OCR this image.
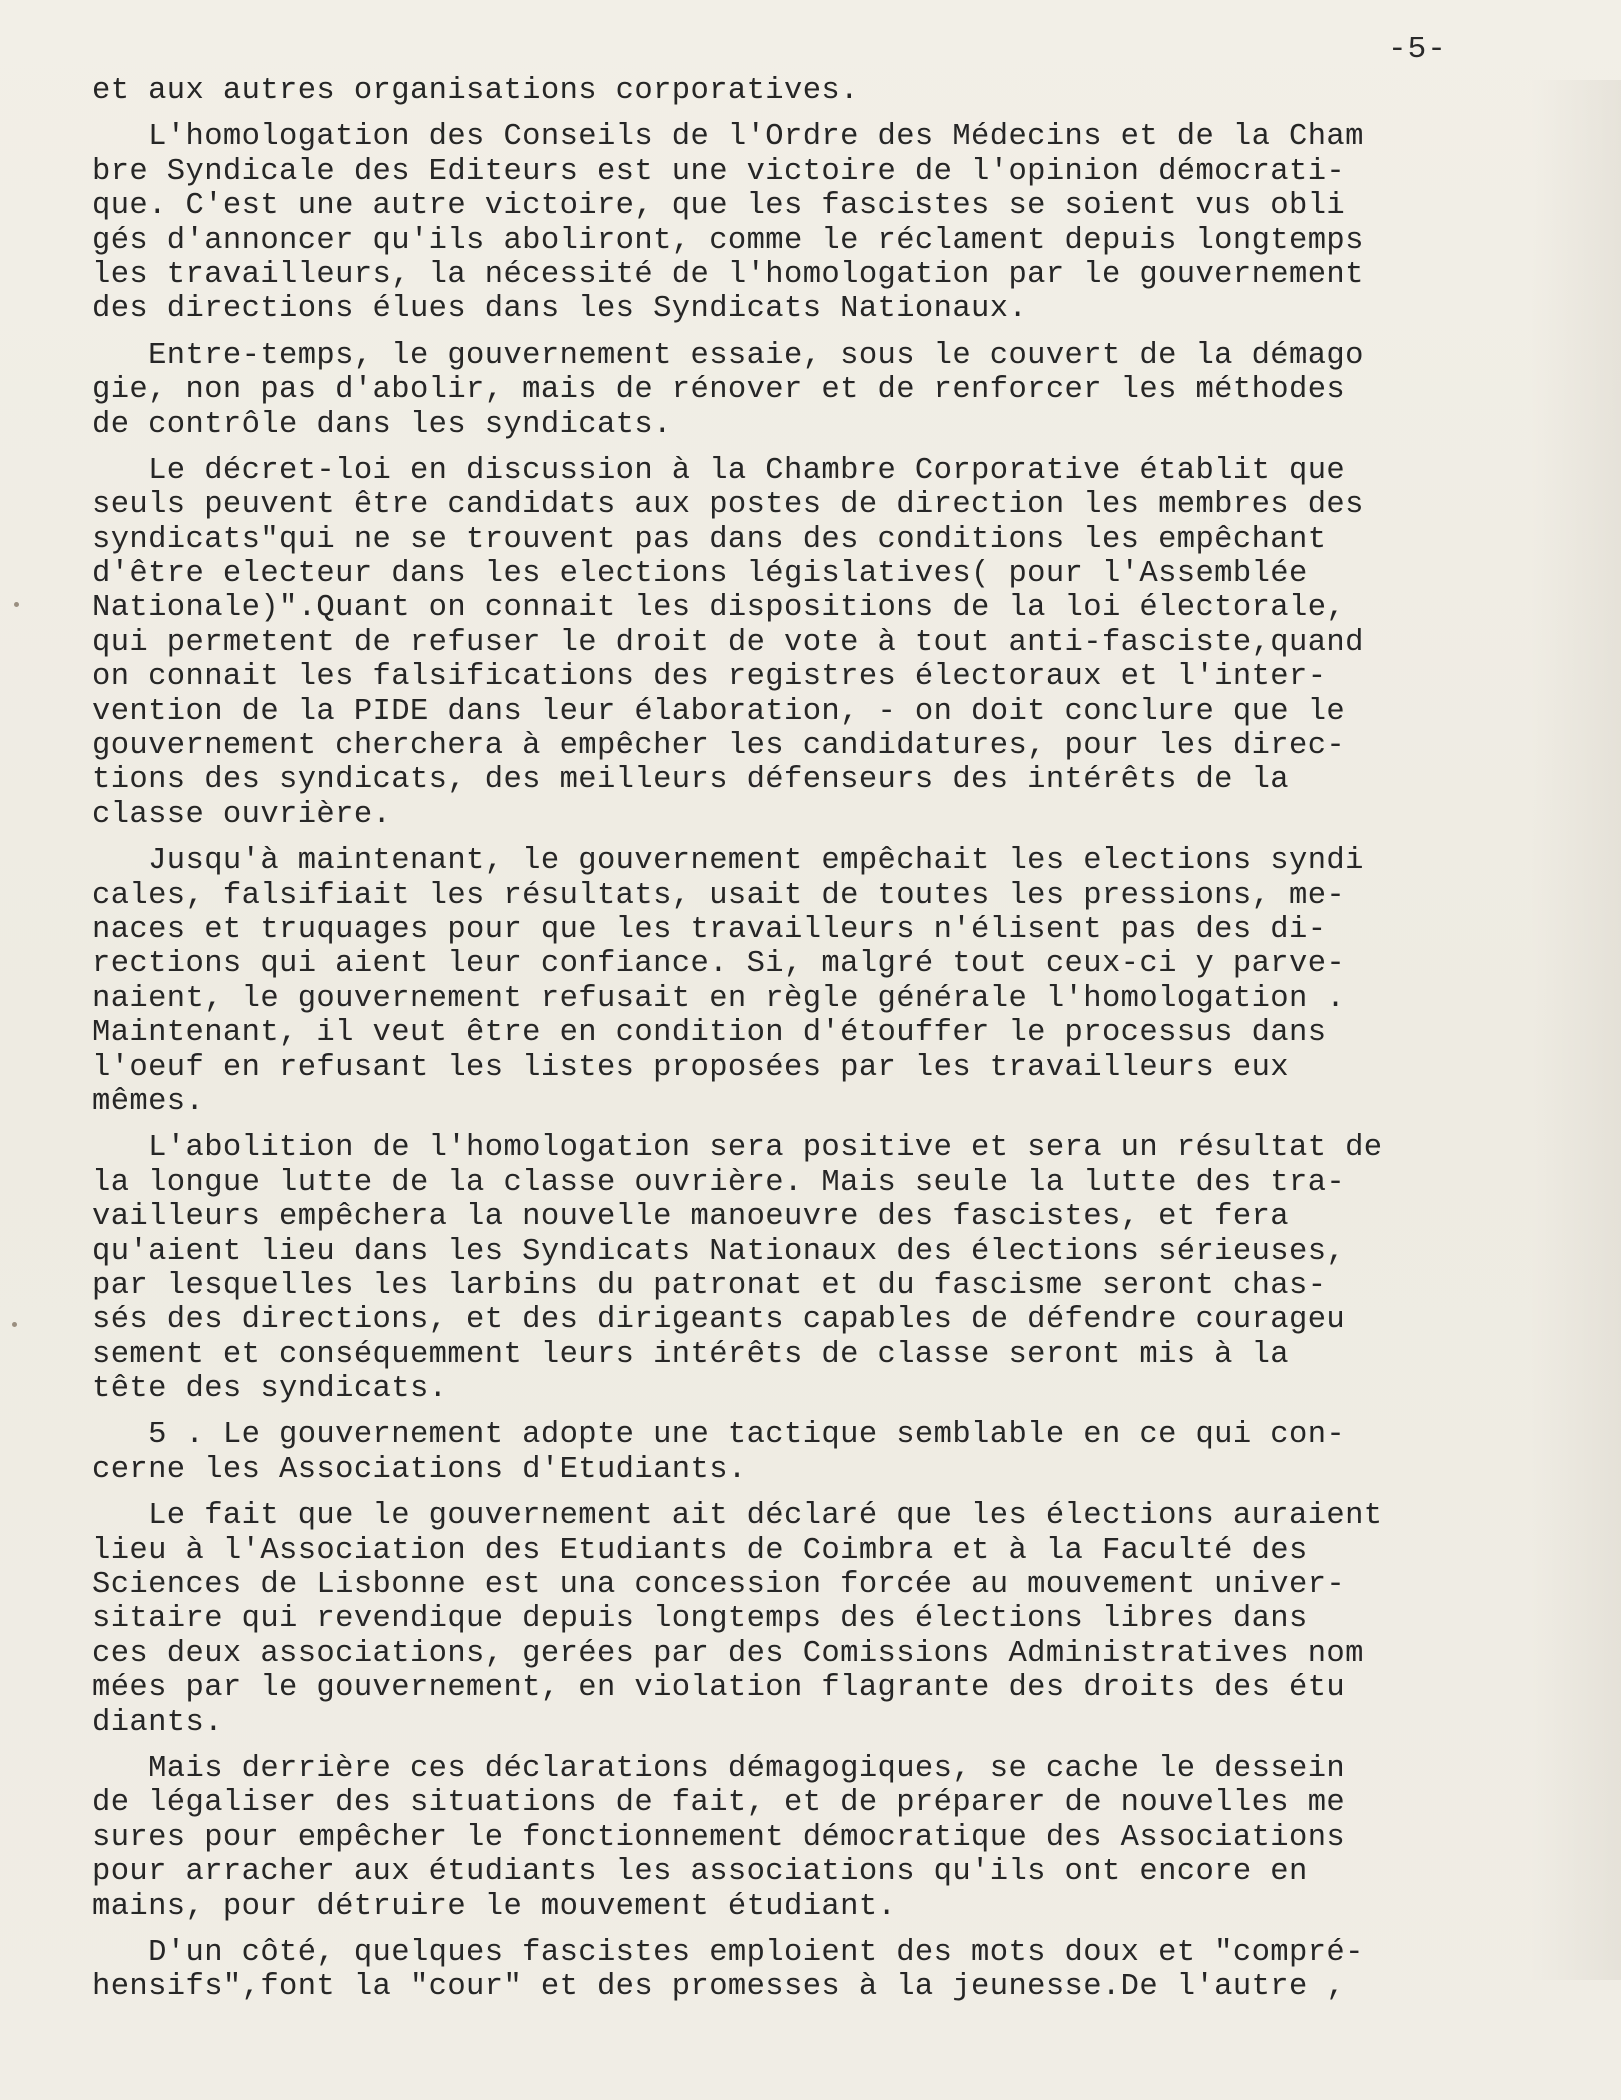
-5-
et aux autres organisations corporatives.
L'homologation des Conseils de l'Ordre des Médecins et de la Cham
bre Syndicale des Editeurs est une victoire de l'opinion démocrati-
que. C'est une autre victoire, que les fascistes se soient vus obli
gés d'annoncer qu'ils aboliront, comme le réclament depuis longtemps
les travailleurs, la nécessité de l'homologation par le gouvernement
des directions élues dans les Syndicats Nationaux.
Entre-temps, le gouvernement essaie, sous le couvert de la démago
gie, non pas d'abolir, mais de rénover et de renforcer les méthodes
de contrôle dans les syndicats.
Le décret-loi en discussion à la Chambre Corporative établit que
seuls peuvent être candidats aux postes de direction les membres des
syndicats"qui ne se trouvent pas dans des conditions les empêchant
d'être electeur dans les elections législatives( pour l'Assemblée
Nationale)".Quant on connait les dispositions de la loi électorale,
qui permetent de refuser le droit de vote à tout anti-fasciste,quand
on connait les falsifications des registres électoraux et l'inter-
vention de la PIDE dans leur élaboration, - on doit conclure que le
gouvernement cherchera à empêcher les candidatures, pour les direc-
tions des syndicats, des meilleurs défenseurs des intérêts de la
classe ouvrière.
Jusqu'à maintenant, le gouvernement empêchait les elections syndi
cales, falsifiait les résultats, usait de toutes les pressions, me-
naces et truquages pour que les travailleurs n'élisent pas des di-
rections qui aient leur confiance. Si, malgré tout ceux-ci y parve-
naient, le gouvernement refusait en règle générale l'homologation .
Maintenant, il veut être en condition d'étouffer le processus dans
l'oeuf en refusant les listes proposées par les travailleurs eux
mêmes.
L'abolition de l'homologation sera positive et sera un résultat de
la longue lutte de la classe ouvrière. Mais seule la lutte des tra-
vailleurs empêchera la nouvelle manoeuvre des fascistes, et fera
qu'aient lieu dans les Syndicats Nationaux des élections sérieuses,
par lesquelles les larbins du patronat et du fascisme seront chas-
sés des directions, et des dirigeants capables de défendre courageu
sement et conséquemment leurs intérêts de classe seront mis à la
tête des syndicats.
5 . Le gouvernement adopte une tactique semblable en ce qui con-
cerne les Associations d'Etudiants.
Le fait que le gouvernement ait déclaré que les élections auraient
lieu à l'Association des Etudiants de Coimbra et à la Faculté des
Sciences de Lisbonne est una concession forcée au mouvement univer-
sitaire qui revendique depuis longtemps des élections libres dans
ces deux associations, gerées par des Comissions Administratives nom
mées par le gouvernement, en violation flagrante des droits des étu
diants.
Mais derrière ces déclarations démagogiques, se cache le dessein
de légaliser des situations de fait, et de préparer de nouvelles me
sures pour empêcher le fonctionnement démocratique des Associations
pour arracher aux étudiants les associations qu'ils ont encore en
mains, pour détruire le mouvement étudiant.
D'un côté, quelques fascistes emploient des mots doux et "compré-
hensifs",font la "cour" et des promesses à la jeunesse.De l'autre ,
